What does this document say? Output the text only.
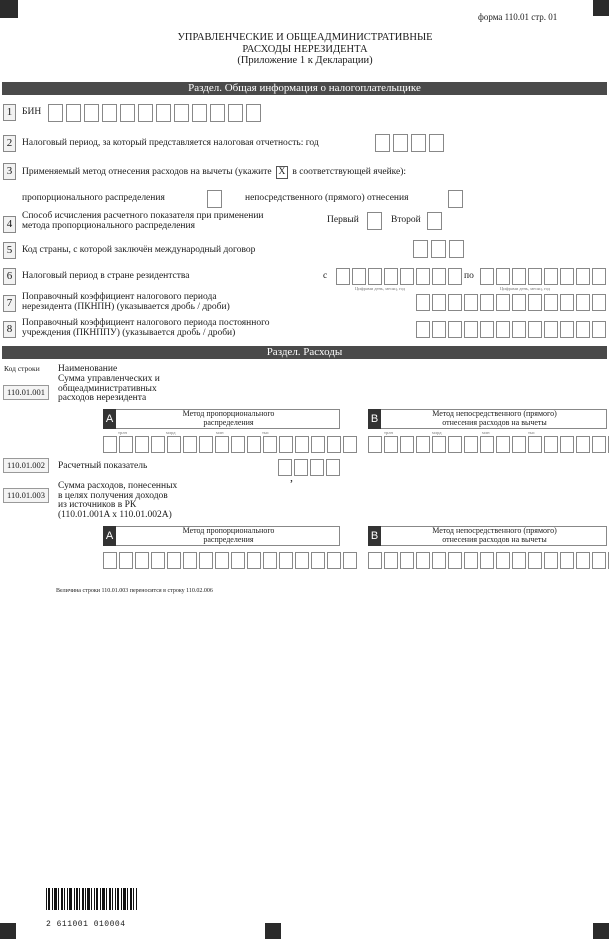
форма 110.01 стр. 01
УПРАВЛЕНЧЕСКИЕ И ОБЩЕАДМИНИСТРАТИВНЫЕ
РАСХОДЫ НЕРЕЗИДЕНТА
(Приложение 1 к Декларации)
Раздел. Общая информация о налогоплательщике
1	БИН
2	Налоговый период, за который представляется налоговая отчетность: год
3	Применяемый метод отнесения расходов на вычеты (укажите X в соответствующей ячейке):
пропорционального распределения	непосредственного (прямого) отнесения
4
Способ исчисления расчетного показателя при применении
метода пропорционального распределения
Первый	Второй
5	Код страны, с которой заключён международный договор
6	Налоговый период в стране резидентства	с
Цифрами день, месяц, год
по
Цифрами день, месяц, год
7	Поправочный коэффициент налогового периода
нерезидента (ПКНПН) (указывается дробь / дроби)
8	Поправочный коэффициент налогового периода постоянного
учреждения (ПКНППУ) (указывается дробь / дроби)
Раздел. Расходы
Код строки Наименование
110.01.001
Сумма управленческих и
общеадминистративных
расходов нерезидента
A	Метод пропорционального
распределения	B	Метод непосредственного (прямого)
отнесения расходов на вычеты
трлн	млрд	млн	тыс	трлн	млрд	млн	тыс
110.01.002	Расчетный показатель
,
110.01.003
Сумма расходов, понесенных
в целях получения доходов
из источников в РК
(110.01.001A x 110.01.002A)
A	Метод пропорционального
распределения	B	Метод непосредственного (прямого)
отнесения расходов на вычеты
Величина строки 110.01.003 переносится в строку 110.02.006
2 611001 010004
